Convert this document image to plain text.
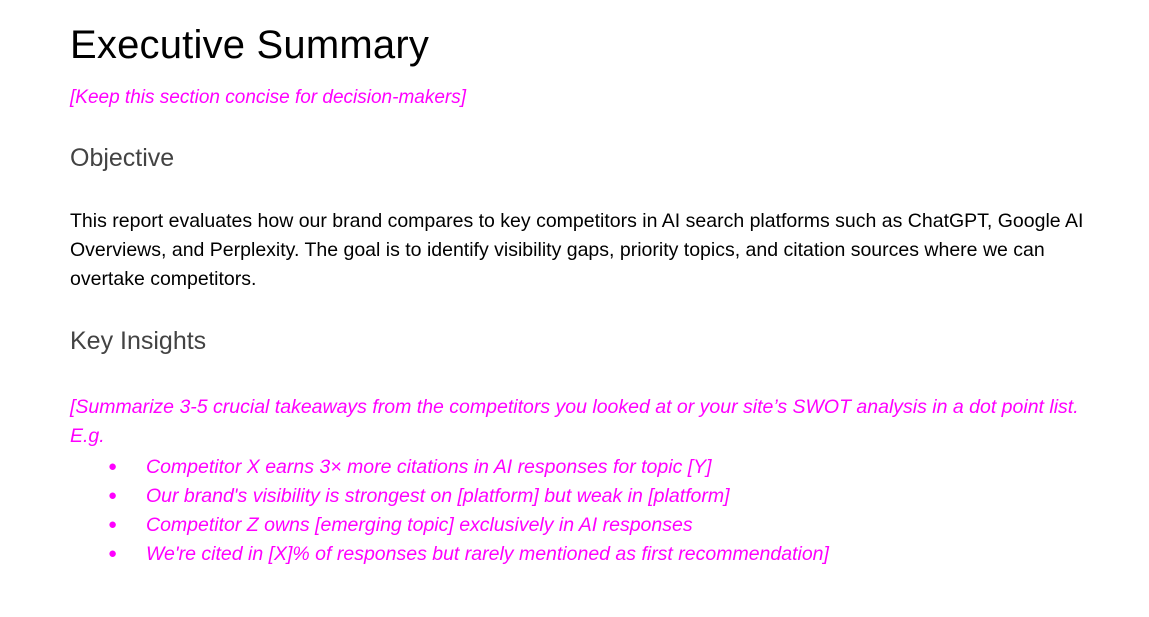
Executive Summary

[Keep this section concise for decision-makers]

Objective

This report evaluates how our brand compares to key competitors in AI search platforms such as ChatGPT, Google AI Overviews, and Perplexity. The goal is to identify visibility gaps, priority topics, and citation sources where we can overtake competitors.

Key Insights

[Summarize 3-5 crucial takeaways from the competitors you looked at or your site’s SWOT analysis in a dot point list. E.g.

● Competitor X earns 3× more citations in AI responses for topic [Y]
● Our brand's visibility is strongest on [platform] but weak in [platform]
● Competitor Z owns [emerging topic] exclusively in AI responses
● We're cited in [X]% of responses but rarely mentioned as first recommendation]
